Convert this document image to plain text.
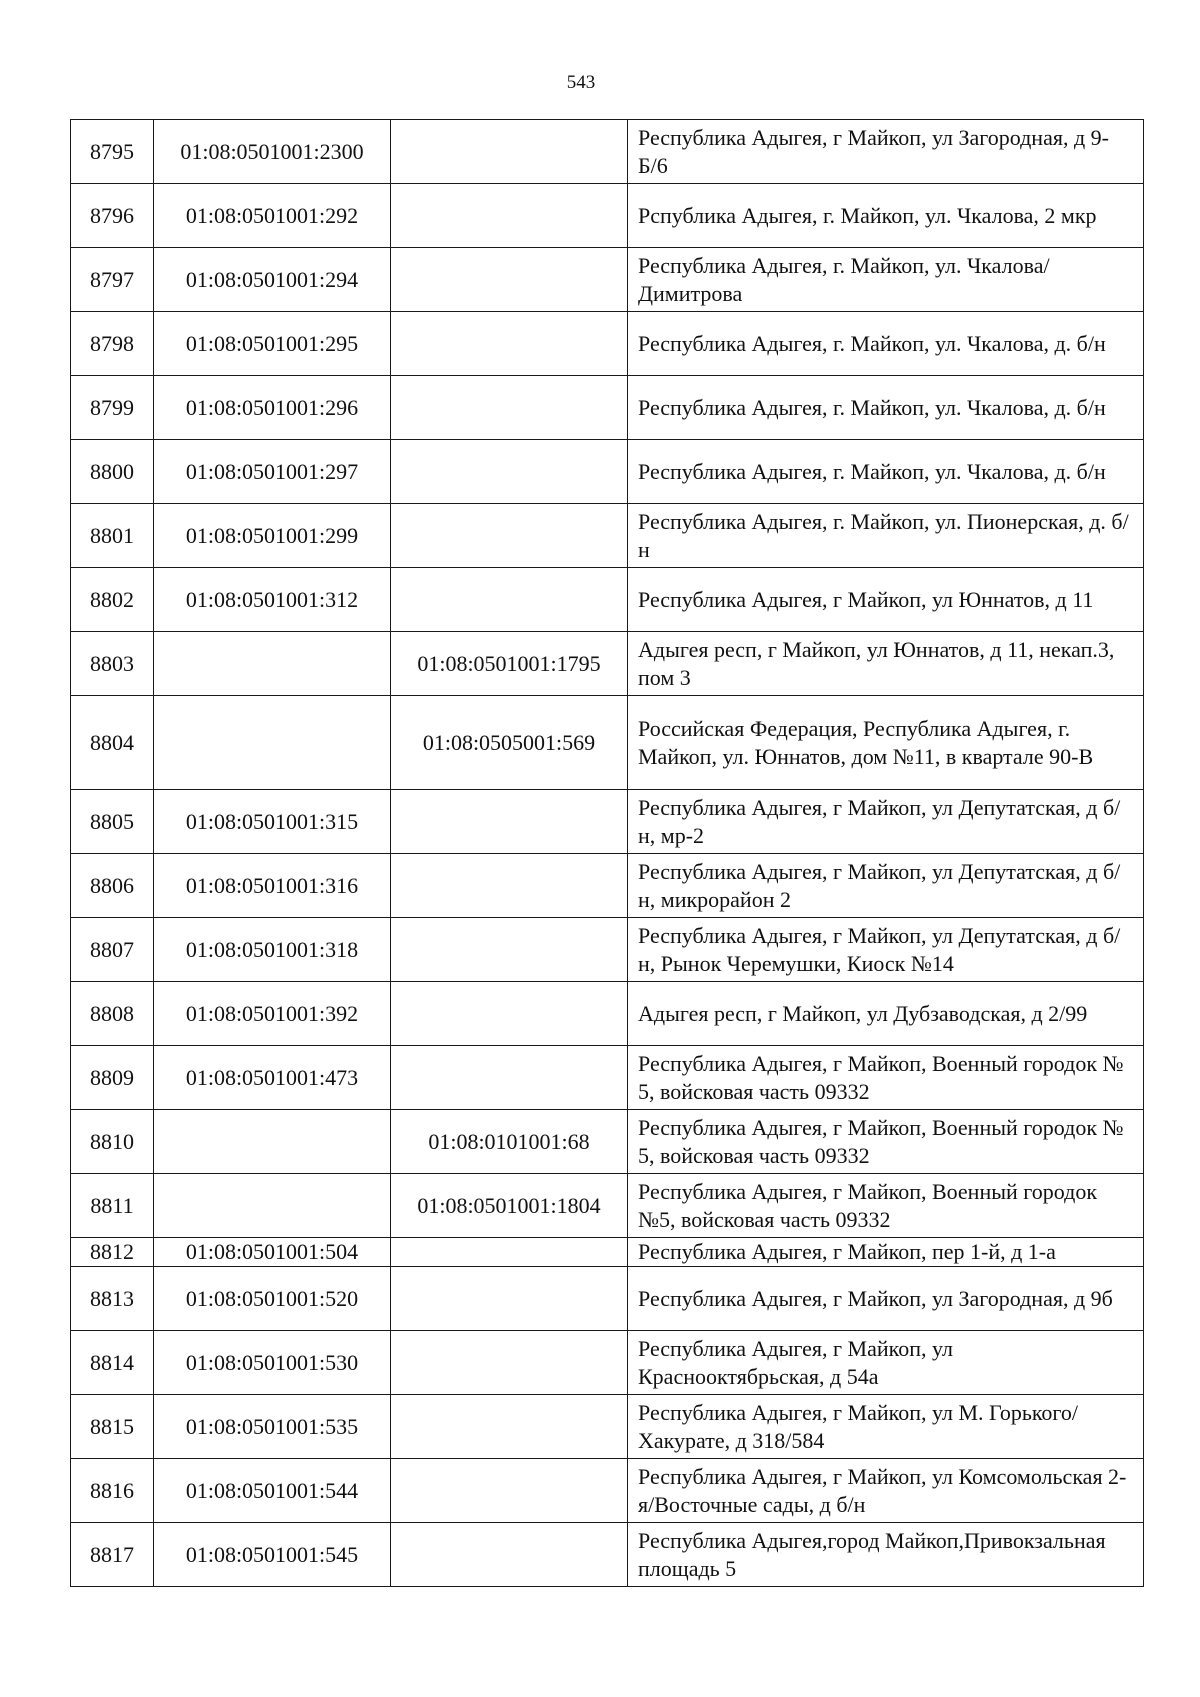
543
8795	01:08:0501001:2300		Республика Адыгея, г Майкоп, ул Загородная, д 9-Б/6
8796	01:08:0501001:292		Рспублика Адыгея, г. Майкоп, ул. Чкалова, 2 мкр
8797	01:08:0501001:294		Республика Адыгея, г. Майкоп, ул. Чкалова/Димитрова
8798	01:08:0501001:295		Республика Адыгея, г. Майкоп, ул. Чкалова, д. б/н
8799	01:08:0501001:296		Республика Адыгея, г. Майкоп, ул. Чкалова, д. б/н
8800	01:08:0501001:297		Республика Адыгея, г. Майкоп, ул. Чкалова, д. б/н
8801	01:08:0501001:299		Республика Адыгея, г. Майкоп, ул. Пионерская, д. б/н
8802	01:08:0501001:312		Республика Адыгея, г Майкоп, ул Юннатов, д 11
8803		01:08:0501001:1795	Адыгея респ, г Майкоп, ул Юннатов, д 11, некап.3, пом 3
8804		01:08:0505001:569	Российская Федерация, Республика Адыгея, г. Майкоп, ул. Юннатов, дом №11, в квартале 90-В
8805	01:08:0501001:315		Республика Адыгея, г Майкоп, ул Депутатская, д б/н, мр-2
8806	01:08:0501001:316		Республика Адыгея, г Майкоп, ул Депутатская, д б/н, микрорайон 2
8807	01:08:0501001:318		Республика Адыгея, г Майкоп, ул Депутатская, д б/н, Рынок Черемушки, Киоск №14
8808	01:08:0501001:392		Адыгея респ, г Майкоп, ул Дубзаводская, д 2/99
8809	01:08:0501001:473		Республика Адыгея, г Майкоп, Военный городок № 5, войсковая часть 09332
8810		01:08:0101001:68	Республика Адыгея, г Майкоп, Военный городок № 5, войсковая часть 09332
8811		01:08:0501001:1804	Республика Адыгея, г Майкоп, Военный городок №5, войсковая часть 09332
8812	01:08:0501001:504		Республика Адыгея, г Майкоп, пер 1-й, д 1-а
8813	01:08:0501001:520		Республика Адыгея, г Майкоп, ул Загородная, д 9б
8814	01:08:0501001:530		Республика Адыгея, г Майкоп, ул Краснооктябрьская, д 54а
8815	01:08:0501001:535		Республика Адыгея, г Майкоп, ул М. Горького/Хакурате, д 318/584
8816	01:08:0501001:544		Республика Адыгея, г Майкоп, ул Комсомольская 2-я/Восточные сады, д б/н
8817	01:08:0501001:545		Республика Адыгея,город Майкоп,Привокзальная площадь 5
